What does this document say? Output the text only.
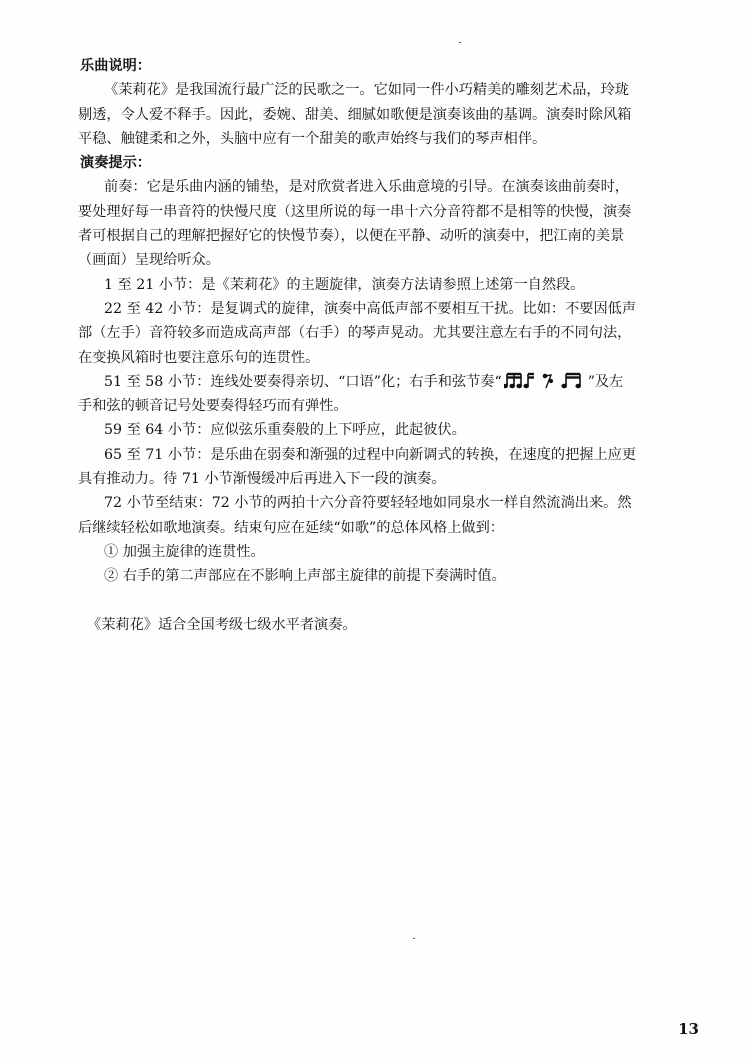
乐曲说明：
《茉莉花》是我国流行最广泛的民歌之一。它如同一件小巧精美的雕刻艺术品，玲珑
剔透，令人爱不释手。因此，委婉、甜美、细腻如歌便是演奏该曲的基调。演奏时除风箱
平稳、触键柔和之外，头脑中应有一个甜美的歌声始终与我们的琴声相伴。
演奏提示：
前奏：它是乐曲内涵的铺垫，是对欣赏者进入乐曲意境的引导。在演奏该曲前奏时，
要处理好每一串音符的快慢尺度（这里所说的每一串十六分音符都不是相等的快慢，演奏
者可根据自己的理解把握好它的快慢节奏），以便在平静、动听的演奏中，把江南的美景
（画面）呈现给听众。
1 至 21 小节：是《茉莉花》的主题旋律，演奏方法请参照上述第一自然段。
22 至 42 小节：是复调式的旋律，演奏中高低声部不要相互干扰。比如：不要因低声
部（左手）音符较多而造成高声部（右手）的琴声晃动。尤其要注意左右手的不同句法，
在变换风箱时也要注意乐句的连贯性。
51 至 58 小节：连线处要奏得亲切、“口语”化；右手和弦节奏“	”及左
手和弦的顿音记号处要奏得轻巧而有弹性。
59 至 64 小节：应似弦乐重奏般的上下呼应，此起彼伏。
65 至 71 小节：是乐曲在弱奏和渐强的过程中向新调式的转换，在速度的把握上应更
具有推动力。待 71 小节渐慢缓冲后再进入下一段的演奏。
72 小节至结束：72 小节的两拍十六分音符要轻轻地如同泉水一样自然流淌出来。然
后继续轻松如歌地演奏。结束句应在延续“如歌”的总体风格上做到：
① 加强主旋律的连贯性。
② 右手的第二声部应在不影响上声部主旋律的前提下奏满时值。
《茉莉花》适合全国考级七级水平者演奏。
13
